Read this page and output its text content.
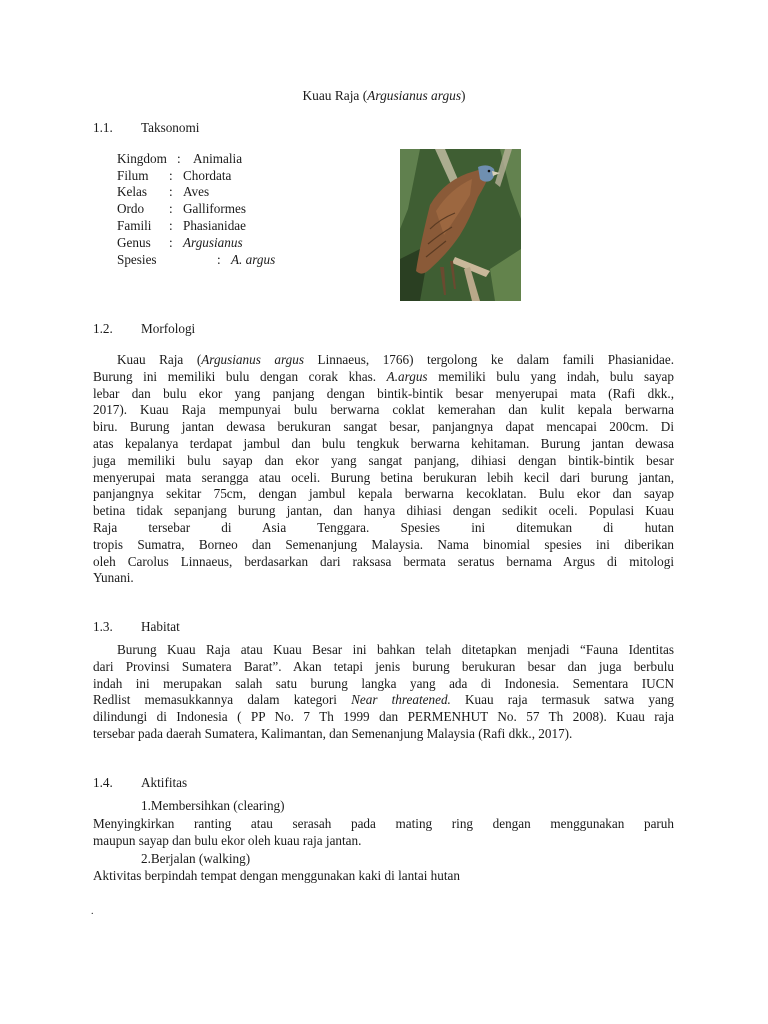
Kuau Raja (Argusianus argus)
1.1. Taksonomi
Kingdom : Animalia
Filum : Chordata
Kelas : Aves
Ordo : Galliformes
Famili : Phasianidae
Genus : Argusianus
Spesies	: A. argus
1.2. Morfologi
Kuau Raja (Argusianus argus Linnaeus, 1766) tergolong ke dalam famili Phasianidae.
Burung ini memiliki bulu dengan corak khas. A.argus memiliki bulu yang indah, bulu sayap
lebar dan bulu ekor yang panjang dengan bintik-bintik besar menyerupai mata (Rafi dkk.,
2017). Kuau Raja mempunyai bulu berwarna coklat kemerahan dan kulit kepala berwarna
biru. Burung jantan dewasa berukuran sangat besar, panjangnya dapat mencapai 200cm. Di
atas kepalanya terdapat jambul dan bulu tengkuk berwarna kehitaman. Burung jantan dewasa
juga memiliki bulu sayap dan ekor yang sangat panjang, dihiasi dengan bintik-bintik besar
menyerupai mata serangga atau oceli. Burung betina berukuran lebih kecil dari burung jantan,
panjangnya sekitar 75cm, dengan jambul kepala berwarna kecoklatan. Bulu ekor dan sayap
betina tidak sepanjang burung jantan, dan hanya dihiasi dengan sedikit oceli. Populasi Kuau
Raja tersebar di Asia Tenggara. Spesies ini ditemukan di hutan
tropis Sumatra, Borneo dan Semenanjung Malaysia. Nama binomial spesies ini diberikan
oleh Carolus Linnaeus, berdasarkan dari raksasa bermata seratus bernama Argus di mitologi
Yunani.
1.3. Habitat
Burung Kuau Raja atau Kuau Besar ini bahkan telah ditetapkan menjadi “Fauna Identitas
dari Provinsi Sumatera Barat”. Akan tetapi jenis burung berukuran besar dan juga berbulu
indah ini merupakan salah satu burung langka yang ada di Indonesia. Sementara IUCN
Redlist memasukkannya dalam kategori Near threatened. Kuau raja termasuk satwa yang
dilindungi di Indonesia ( PP No. 7 Th 1999 dan PERMENHUT No. 57 Th 2008). Kuau raja
tersebar pada daerah Sumatera, Kalimantan, dan Semenanjung Malaysia (Rafi dkk., 2017).
1.4. Aktifitas
1.Membersihkan (clearing)
Menyingkirkan ranting atau serasah pada mating ring dengan menggunakan paruh
maupun sayap dan bulu ekor oleh kuau raja jantan.
2.Berjalan (walking)
Aktivitas berpindah tempat dengan menggunakan kaki di lantai hutan
.
